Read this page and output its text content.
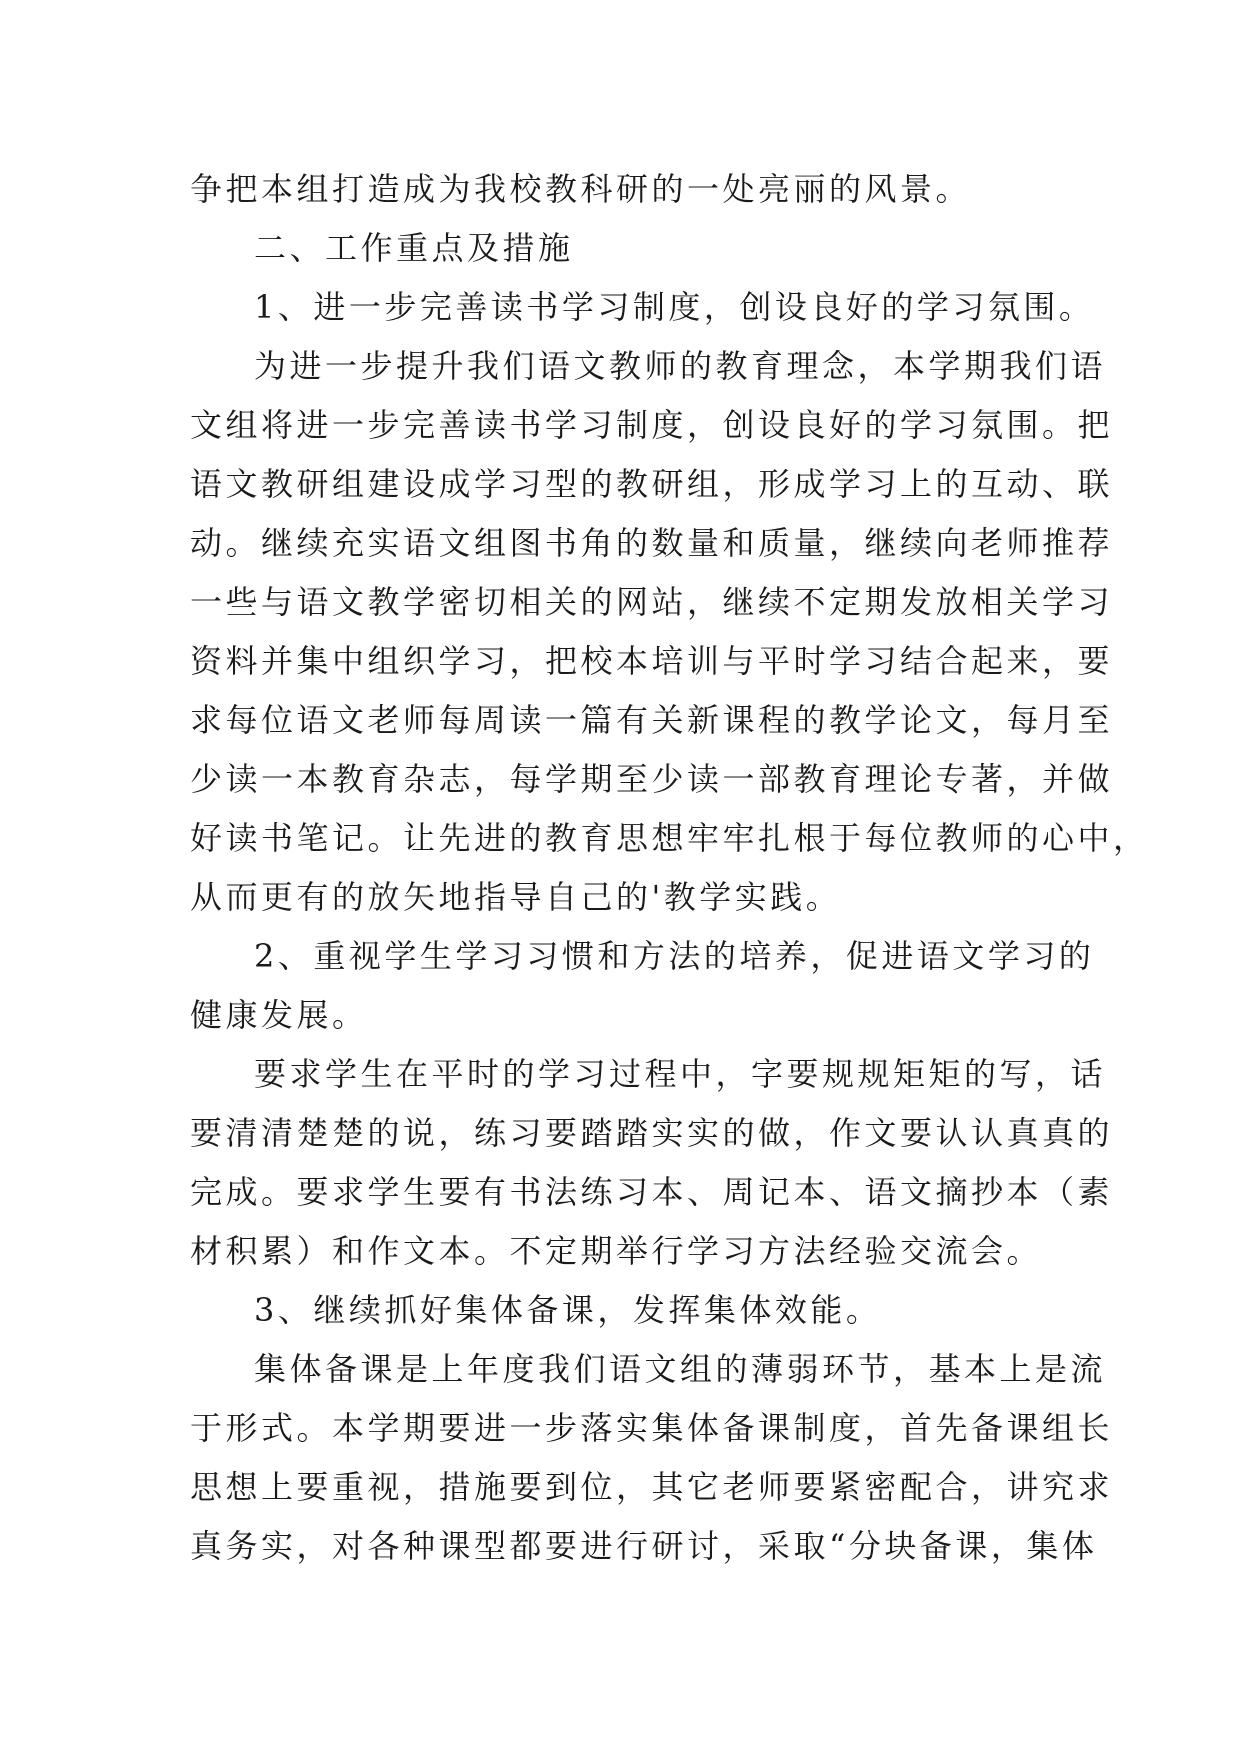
争把本组打造成为我校教科研的一处亮丽的风景。
二、工作重点及措施
1、进一步完善读书学习制度，创设良好的学习氛围。
为进一步提升我们语文教师的教育理念，本学期我们语
文组将进一步完善读书学习制度，创设良好的学习氛围。把
语文教研组建设成学习型的教研组，形成学习上的互动、联
动。继续充实语文组图书角的数量和质量，继续向老师推荐
一些与语文教学密切相关的网站，继续不定期发放相关学习
资料并集中组织学习，把校本培训与平时学习结合起来，要
求每位语文老师每周读一篇有关新课程的教学论文，每月至
少读一本教育杂志，每学期至少读一部教育理论专著，并做
好读书笔记。让先进的教育思想牢牢扎根于每位教师的心中，
从而更有的放矢地指导自己的'教学实践。
2、重视学生学习习惯和方法的培养，促进语文学习的
健康发展。
要求学生在平时的学习过程中，字要规规矩矩的写，话
要清清楚楚的说，练习要踏踏实实的做，作文要认认真真的
完成。要求学生要有书法练习本、周记本、语文摘抄本（素
材积累）和作文本。不定期举行学习方法经验交流会。
3、继续抓好集体备课，发挥集体效能。
集体备课是上年度我们语文组的薄弱环节，基本上是流
于形式。本学期要进一步落实集体备课制度，首先备课组长
思想上要重视，措施要到位，其它老师要紧密配合，讲究求
真务实，对各种课型都要进行研讨，采取“分块备课，集体
